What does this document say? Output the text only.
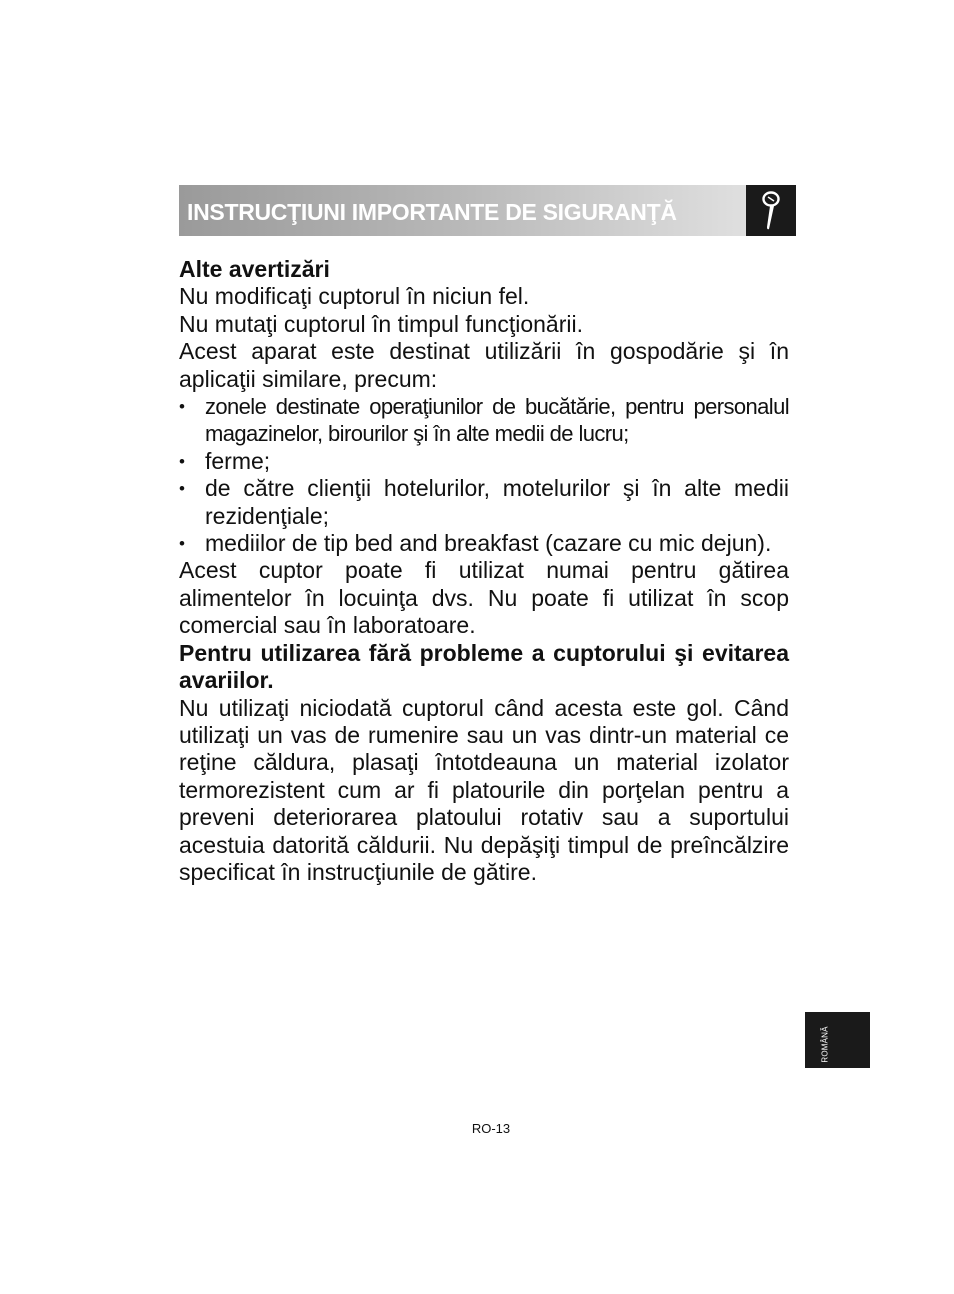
INSTRUCŢIUNI IMPORTANTE DE SIGURANŢĂ

Alte avertizări

Nu modificaţi cuptorul în niciun fel.

Nu mutaţi cuptorul în timpul funcţionării.

Acest aparat este destinat utilizării în gospodărie şi în aplicaţii similare, precum:

• zonele destinate operaţiunilor de bucătărie, pentru personalul magazinelor, birourilor şi în alte medii de lucru;
• ferme;
• de către clienţii hotelurilor, motelurilor şi în alte medii rezidenţiale;
• mediilor de tip bed and breakfast (cazare cu mic dejun).

Acest cuptor poate fi utilizat numai pentru gătirea alimentelor în locuinţa dvs. Nu poate fi utilizat în scop comercial sau în laboratoare.

Pentru utilizarea fără probleme a cuptorului şi evitarea avariilor.

Nu utilizaţi niciodată cuptorul când acesta este gol. Când utilizaţi un vas de rumenire sau un vas dintr-un material ce reţine căldura, plasaţi întotdeauna un material izolator termorezistent cum ar fi platourile din porţelan pentru a preveni deteriorarea platoului rotativ sau a suportului acestuia datorită căldurii. Nu depăşiţi timpul de preîncălzire specificat în instrucţiunile de gătire.

ROMÂNĂ
RO-13
